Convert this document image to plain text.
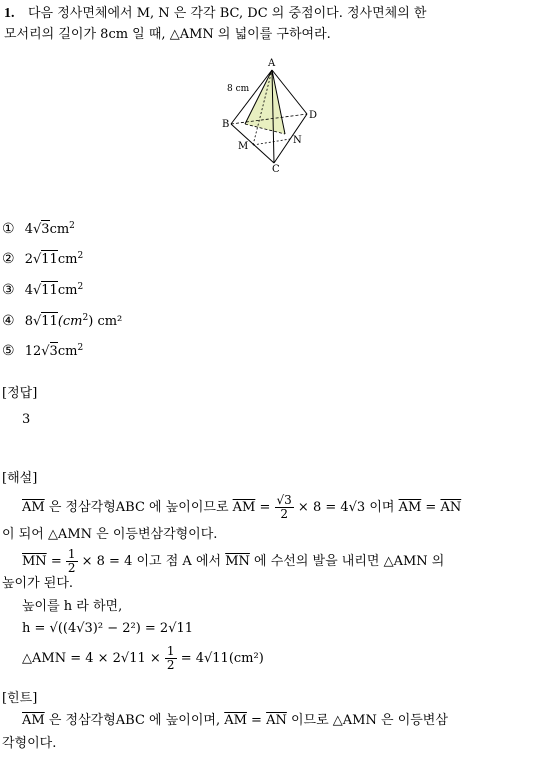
1. 다음 정사면체에서 M, N 은 각각 BC, DC 의 중점이다. 정사면체의 한
모서리의 길이가 8cm 일 때, △AMN 의 넓이를 구하여라.
A
B
C
D
M
N
8 cm
① $4√3cm^2$
② $2√11cm^2$
③ $4√11cm^2$
④ $8√11(cm^2)$ cm²
⑤ $12√3cm^2$
[정답]
3
[해설]
$\overline{AM}$ 은 정삼각형ABC 에 높이이므로 $\overline{AM} = \frac{√3}{2} \times 8 = 4√3$ 이며 $\overline{AM} = \overline{AN}$
이 되어 △AMN 은 이등변삼각형이다.
$\overline{MN} = \frac{1}{2} \times 8 = 4$ 이고 점 A 에서 $\overline{MN}$ 에 수선의 발을 내리면 △AMN 의
높이가 된다.
높이를 h 라 하면,
h = √((4√3)² − 2²) = 2√11
△AMN = $4 \times 2√11 \times \frac{1}{2} = 4√11(cm^2)$
[힌트]
$\overline{AM}$ 은 정삼각형ABC 에 높이이며, $\overline{AM} = \overline{AN}$ 이므로 △AMN 은 이등변삼
각형이다.
